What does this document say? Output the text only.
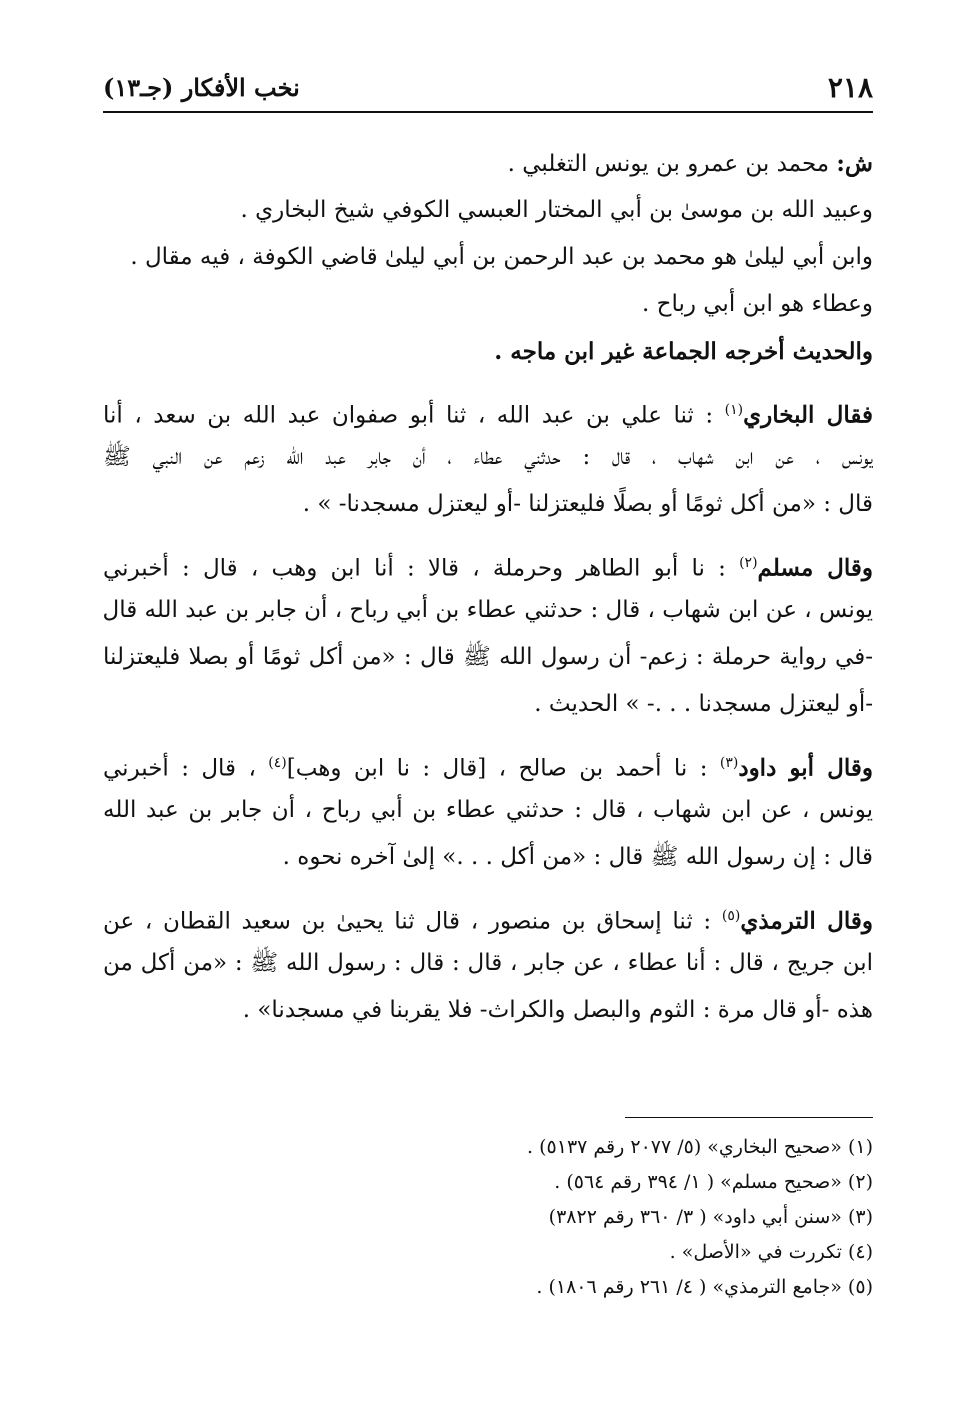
٢١٨
نخب الأفكار (جـ١٣)
ش: محمد بن عمرو بن يونس التغلبي .
وعبيد الله بن موسىٰ بن أبي المختار العبسي الكوفي شيخ البخاري .
وابن أبي ليلىٰ هو محمد بن عبد الرحمن بن أبي ليلىٰ قاضي الكوفة ، فيه مقال .
وعطاء هو ابن أبي رباح .
والحديث أخرجه الجماعة غير ابن ماجه .
فقال البخاري$^{(١)}$ : ثنا علي بن عبد الله ، ثنا أبو صفوان عبد الله بن سعد ، أنا
يونس ، عن ابن شهاب ، قال : حدثني عطاء ، أن جابر عبد الله زعم عن النبي ﷺ
قال : «من أكل ثومًا أو بصلًا فليعتزلنا -أو ليعتزل مسجدنا- » .
وقال مسلم$^{(٢)}$ : نا أبو الطاهر وحرملة ، قالا : أنا ابن وهب ، قال : أخبرني
يونس ، عن ابن شهاب ، قال : حدثني عطاء بن أبي رباح ، أن جابر بن عبد الله قال
-في رواية حرملة : زعم- أن رسول الله ﷺ قال : «من أكل ثومًا أو بصلا فليعتزلنا
-أو ليعتزل مسجدنا . . .- » الحديث .
وقال أبو داود$^{(٣)}$ : نا أحمد بن صالح ، [قال : نا ابن وهب]$^{(٤)}$ ، قال : أخبرني
يونس ، عن ابن شهاب ، قال : حدثني عطاء بن أبي رباح ، أن جابر بن عبد الله
قال : إن رسول الله ﷺ قال : «من أكل . . .» إلىٰ آخره نحوه .
وقال الترمذي$^{(٥)}$ : ثنا إسحاق بن منصور ، قال ثنا يحيىٰ بن سعيد القطان ، عن
ابن جريج ، قال : أنا عطاء ، عن جابر ، قال : قال : رسول الله ﷺ : «من أكل من
هذه -أو قال مرة : الثوم والبصل والكراث- فلا يقربنا في مسجدنا» .
(١) «صحيح البخاري» (٥/ ٢٠٧٧ رقم ٥١٣٧) .
(٢) «صحيح مسلم» ( ١/ ٣٩٤ رقم ٥٦٤) .
(٣) «سنن أبي داود» ( ٣/ ٣٦٠ رقم ٣٨٢٢)
(٤) تكررت في «الأصل» .
(٥) «جامع الترمذي» ( ٤/ ٢٦١ رقم ١٨٠٦) .
